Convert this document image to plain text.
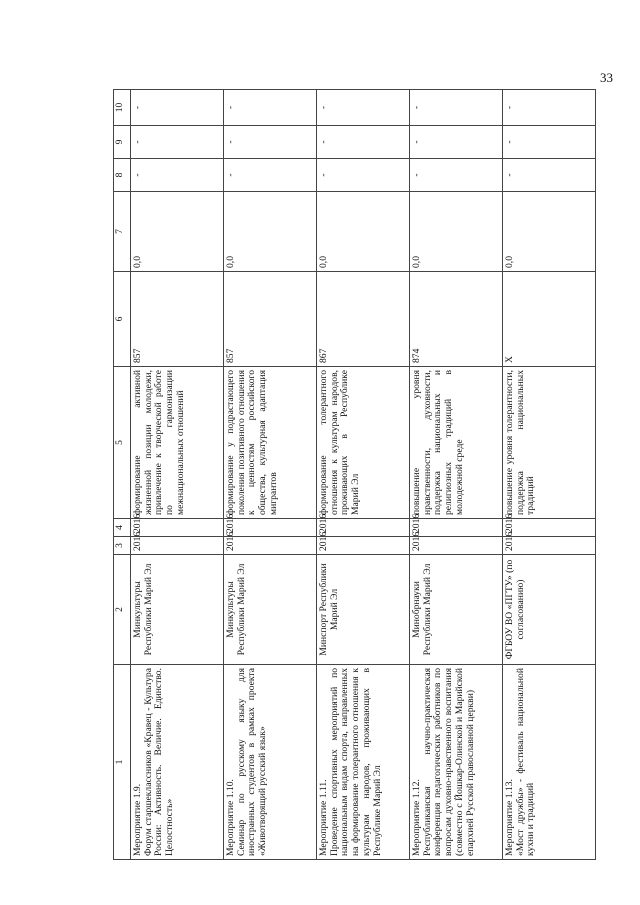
33
1	2	3	4	5	6	7	8	9	10

Мероприятие 1.9. Форум старшеклассников «Кравец - Культура России: Активность. Величие. Единство. Целостность»	Минкультуры Республики Марий Эл	2016	2016	формирование активной жизненной позиции молодежи, привлечение к творческой работе по гармонизации межнациональных отношений	857	0,0	-	-	-

Мероприятие 1.10. Семинар по русскому языку для иностранных студентов в рамках проекта «Животворящий русский язык»	Минкультуры Республики Марий Эл	2016	2016	формирование у подрастающего поколения позитивного отношения к ценностям российского общества, культурная адаптация мигрантов	857	0,0	-	-	-

Мероприятие 1.11. Проведение спортивных мероприятий по национальным видам спорта, направленных на формирование толерантного отношения к культурам народов, проживающих в Республике Марий Эл	Минспорт Республики Марий Эл	2016	2016	формирование толерантного отношения к культурам народов, проживающих в Республике Марий Эл	867	0,0	-	-	-

Мероприятие 1.12. Республиканская научно-практическая конференция педагогических работников по вопросам духовно-нравственного воспитания (совместно с Йошкар-Олинской и Марийской епархией Русской православной церкви)	Минобрнауки Республики Марий Эл	2016	2016	повышение уровня нравственности, духовности, поддержка национальных и религиозных традиций в молодежной среде	874	0,0	-	-	-

Мероприятие 1.13. «Мост дружбы» - фестиваль национальной кухни и традиций	ФГБОУ ВО «ПГТУ» (по согласованию)	2016	2016	повышение уровня толерантности, поддержка национальных традиций	X	0,0	-	-	-
